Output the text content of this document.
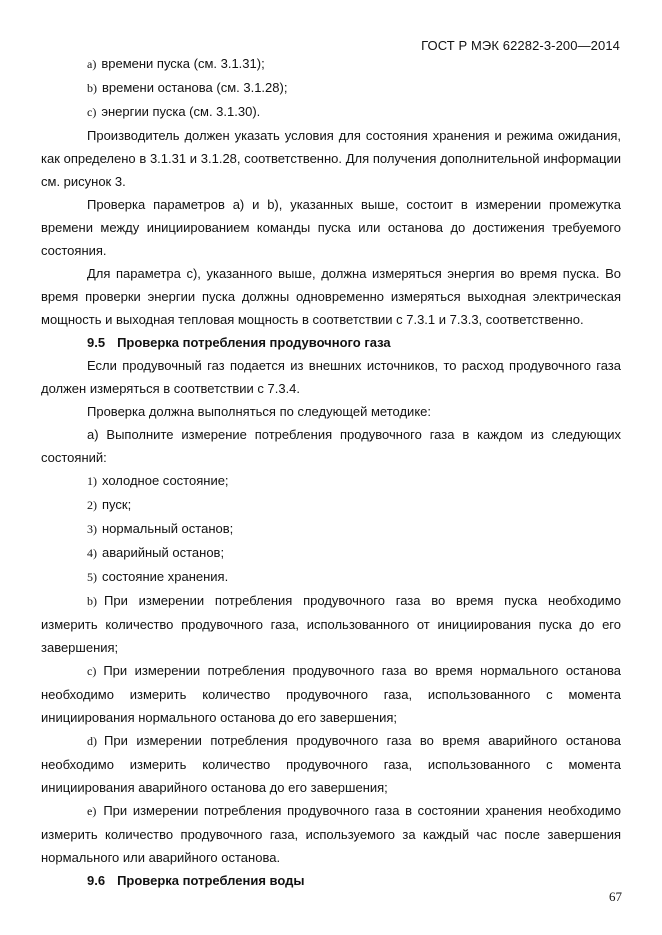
ГОСТ Р МЭК 62282-3-200—2014

a) времени пуска (см. 3.1.31);

b) времени останова (см. 3.1.28);

c) энергии пуска (см. 3.1.30).

Производитель должен указать условия для состояния хранения и режима ожидания, как определено в 3.1.31 и 3.1.28, соответственно. Для получения дополнительной информации см. рисунок 3.

Проверка параметров a) и b), указанных выше, состоит в измерении промежутка времени между инициированием команды пуска или останова до достижения требуемого состояния.

Для параметра c), указанного выше, должна измеряться энергия во время пуска. Во время проверки энергии пуска должны одновременно измеряться выходная электрическая мощность и выходная тепловая мощность в соответствии с 7.3.1 и 7.3.3, соответственно.

9.5 Проверка потребления продувочного газа

Если продувочный газ подается из внешних источников, то расход продувочного газа должен измеряться в соответствии с 7.3.4.

Проверка должна выполняться по следующей методике:

а) Выполните измерение потребления продувочного газа в каждом из следующих состояний:

1) холодное состояние;

2) пуск;

3) нормальный останов;

4) аварийный останов;

5) состояние хранения.

b) При измерении потребления продувочного газа во время пуска необходимо измерить количество продувочного газа, использованного от инициирования пуска до его завершения;

c) При измерении потребления продувочного газа во время нормального останова необходимо измерить количество продувочного газа, использованного с момента инициирования нормального останова до его завершения;

d) При измерении потребления продувочного газа во время аварийного останова необходимо измерить количество продувочного газа, использованного с момента инициирования аварийного останова до его завершения;

e) При измерении потребления продувочного газа в состоянии хранения необходимо измерить количество продувочного газа, используемого за каждый час после завершения нормального или аварийного останова.

9.6 Проверка потребления воды

67
